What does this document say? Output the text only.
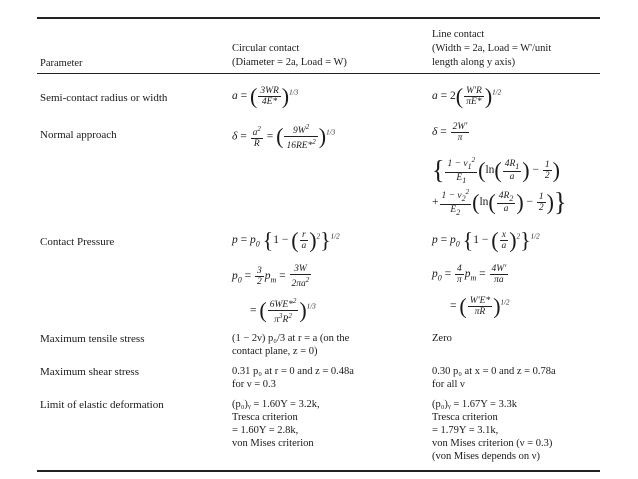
Parameter
Circular contact
(Diameter = 2a, Load = W)
Line contact
(Width = 2a, Load = W'/unit
length along y axis)
Semi-contact radius or width
Normal approach
Contact Pressure
Maximum tensile stress
Maximum shear stress
Limit of elastic deformation
a = ( $\frac{3WR}{4E*} )^{1/3}$	$a = 2( \frac{W'R}{\pi E*} )^{1/2}$
$\delta = \frac{a^2}{R}$ = ( $\frac{9W^2}{16RE*^2} )^{1/3}$	$\delta = \frac{2W'}{\pi}$
{ $\frac{1 - \nu_1^2}{E_1} (\ln( \frac{4R_1}{a}$ ) − $\frac{1}{2}$ )
+ $\frac{1 - \nu_2^2}{E_2} (\ln( \frac{4R_2}{a}$ ) − $\frac{1}{2}$ )}
$p = p_0$ {1 − ( $\frac{r}{a} )^2\}^{1/2}$
$p_0 = \frac{3}{2} p_m = \frac{3W}{2\pi a^2}$
= ( $\frac{6WE*^2}{\pi^3R^2} )^{1/3}$
$p = p_0$ {1 − ( $\frac{x}{a} )^2\}^{1/2}$
$p_0 = \frac{4}{\pi} p_m = \frac{4W'}{\pi a}$
= ( $\frac{W'E*}{\pi R} )^{1/2}$
(1 − 2ν) p₀/3 at r = a (on the
contact plane, z = 0)
Zero
0.31 p₀ at r = 0 and z = 0.48a
for ν = 0.3
0.30 p₀ at x = 0 and z = 0.78a
for all ν
(p₀)ᵧ = 1.60Y = 3.2k,
Tresca criterion
= 1.60Y = 2.8k,
von Mises criterion
(p₀)ᵧ = 1.67Y = 3.3k
Tresca criterion
= 1.79Y = 3.1k,
von Mises criterion (ν = 0.3)
(von Mises depends on ν)
